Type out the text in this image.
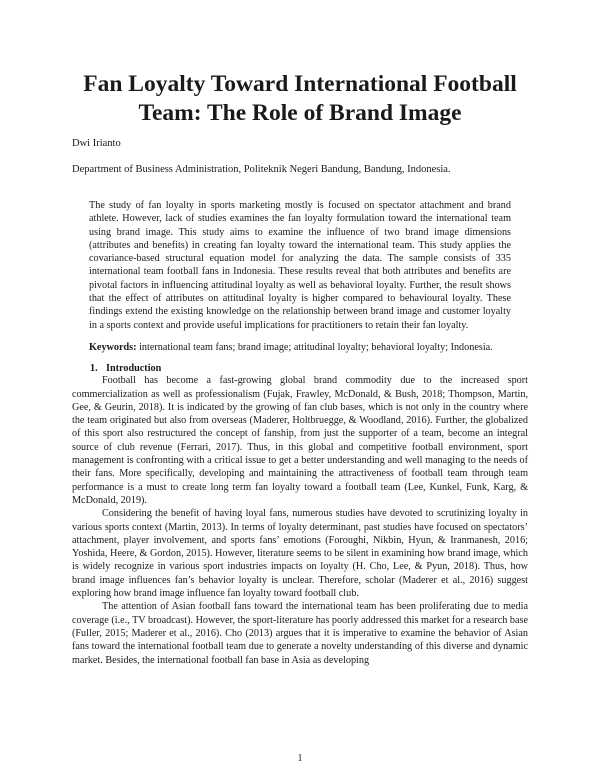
Fan Loyalty Toward International Football
Team: The Role of Brand Image
Dwi Irianto
Department of Business Administration, Politeknik Negeri Bandung, Bandung, Indonesia.
The study of fan loyalty in sports marketing mostly is focused on spectator attachment and brand athlete. However, lack of studies examines the fan loyalty formulation toward the international team using brand image. This study aims to examine the influence of two brand image dimensions (attributes and benefits) in creating fan loyalty toward the international team. This study applies the covariance-based structural equation model for analyzing the data. The sample consists of 335 international team football fans in Indonesia. These results reveal that both attributes and benefits are pivotal factors in influencing attitudinal loyalty as well as behavioral loyalty. Further, the result shows that the effect of attributes on attitudinal loyalty is higher compared to behavioural loyalty. These findings extend the existing knowledge on the relationship between brand image and customer loyalty in a sports context and provide useful implications for practitioners to retain their fan loyalty.
Keywords: international team fans; brand image; attitudinal loyalty; behavioral loyalty; Indonesia.
1. Introduction

Football has become a fast-growing global brand commodity due to the increased sport commercialization as well as professionalism (Fujak, Frawley, McDonald, & Bush, 2018; Thompson, Martin, Gee, & Geurin, 2018). It is indicated by the growing of fan club bases, which is not only in the country where the team originated but also from overseas (Maderer, Holtbruegge, & Woodland, 2016). Further, the globalized of this sport also restructured the concept of fanship, from just the supporter of a team, become an integral source of club revenue (Ferrari, 2017). Thus, in this global and competitive football environment, sport management is confronting with a critical issue to get a better understanding and well managing to the needs of their fans. More specifically, developing and maintaining the attractiveness of football team through team performance is a must to create long term fan loyalty toward a football team (Lee, Kunkel, Funk, Karg, & McDonald, 2019).

Considering the benefit of having loyal fans, numerous studies have devoted to scrutinizing loyalty in various sports context (Martin, 2013). In terms of loyalty determinant, past studies have focused on spectators’ attachment, player involvement, and sports fans’ emotions (Foroughi, Nikbin, Hyun, & Iranmanesh, 2016; Yoshida, Heere, & Gordon, 2015). However, literature seems to be silent in examining how brand image, which is widely recognize in various sport industries impacts on loyalty (H. Cho, Lee, & Pyun, 2018). Thus, how brand image influences fan’s behavior loyalty is unclear. Therefore, scholar (Maderer et al., 2016) suggest exploring how brand image influence fan loyalty toward football club.

The attention of Asian football fans toward the international team has been proliferating due to media coverage (i.e., TV broadcast). However, the sport-literature has poorly addressed this market for a research base (Fuller, 2015; Maderer et al., 2016). Cho (2013) argues that it is imperative to examine the behavior of Asian fans toward the international football team due to generate a novelty understanding of this diverse and dynamic market. Besides, the international football fan base in Asia as developing

1
